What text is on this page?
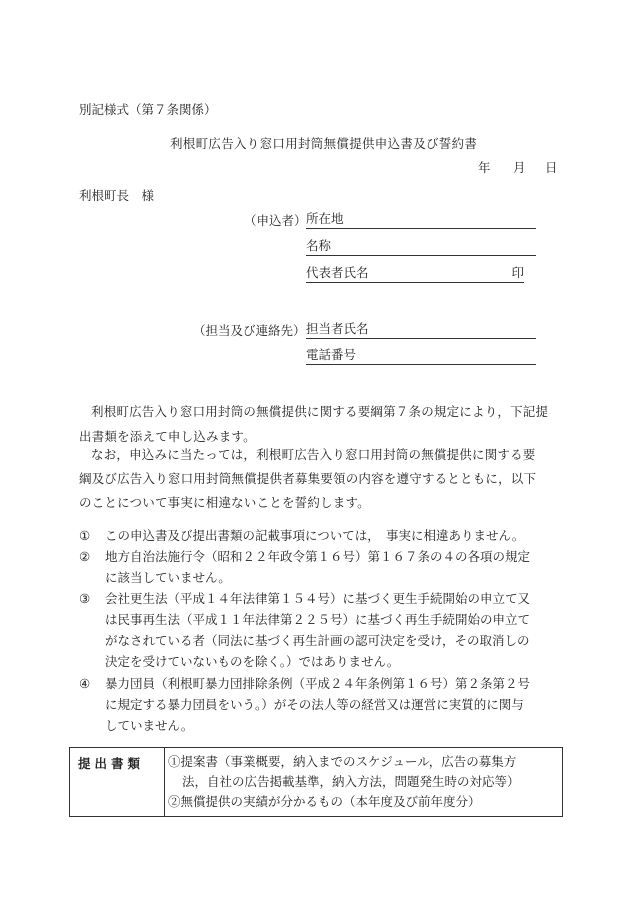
別記様式（第７条関係）
利根町広告入り窓口用封筒無償提供申込書及び誓約書
年 月 日
利根町長　様
（申込者） 所在地
名称
代表者氏名	印
（担当及び連絡先） 担当者氏名
電話番号
利根町広告入り窓口用封筒の無償提供に関する要綱第７条の規定により，下記提
出書類を添えて申し込みます。
なお，申込みに当たっては，利根町広告入り窓口用封筒の無償提供に関する要
綱及び広告入り窓口用封筒無償提供者募集要領の内容を遵守するとともに，以下
のことについて事実に相違ないことを誓約します。
① この申込書及び提出書類の記載事項については，　事実に相違ありません。
② 地方自治法施行令（昭和２２年政令第１６号）第１６７条の４の各項の規定
に該当していません。
③ 会社更生法（平成１４年法律第１５４号）に基づく更生手続開始の申立て又
は民事再生法（平成１１年法律第２２５号）に基づく再生手続開始の申立て
がなされている者（同法に基づく再生計画の認可決定を受け，その取消しの
決定を受けていないものを除く。）ではありません。
④ 暴力団員（利根町暴力団排除条例（平成２４年条例第１６号）第２条第２号
に規定する暴力団員をいう。）がその法人等の経営又は運営に実質的に関与
していません。
提出書類 ①提案書（事業概要，納入までのスケジュール，広告の募集方
法，自社の広告掲載基準，納入方法，問題発生時の対応等）
②無償提供の実績が分かるもの（本年度及び前年度分）
